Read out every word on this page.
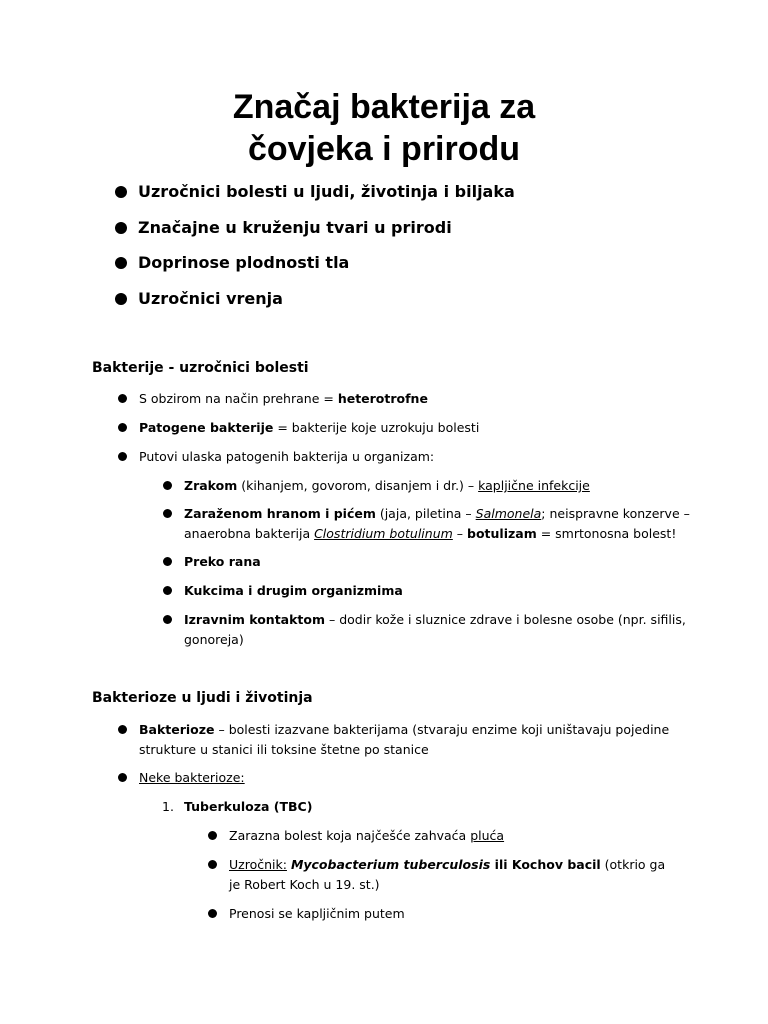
Značaj bakterija za
čovjeka i prirodu
Uzročnici bolesti u ljudi, životinja i biljaka
Značajne u kruženju tvari u prirodi
Doprinose plodnosti tla
Uzročnici vrenja
Bakterije - uzročnici bolesti
S obzirom na način prehrane = heterotrofne
Patogene bakterije = bakterije koje uzrokuju bolesti
Putovi ulaska patogenih bakterija u organizam:
Zrakom (kihanjem, govorom, disanjem i dr.) – kapljične infekcije
Zaraženom hranom i pićem (jaja, piletina – Salmonela; neispravne konzerve – anaerobna bakterija Clostridium botulinum – botulizam = smrtonosna bolest!
Preko rana
Kukcima i drugim organizmima
Izravnim kontaktom – dodir kože i sluznice zdrave i bolesne osobe (npr. sifilis, gonoreja)
Bakterioze u ljudi i životinja
Bakterioze – bolesti izazvane bakterijama (stvaraju enzime koji uništavaju pojedine strukture u stanici ili toksine štetne po stanice
Neke bakterioze:
1. Tuberkuloza (TBC)
Zarazna bolest koja najčešće zahvaća pluća
Uzročnik: Mycobacterium tuberculosis ili Kochov bacil (otkrio ga je Robert Koch u 19. st.)
Prenosi se kapljičnim putem
